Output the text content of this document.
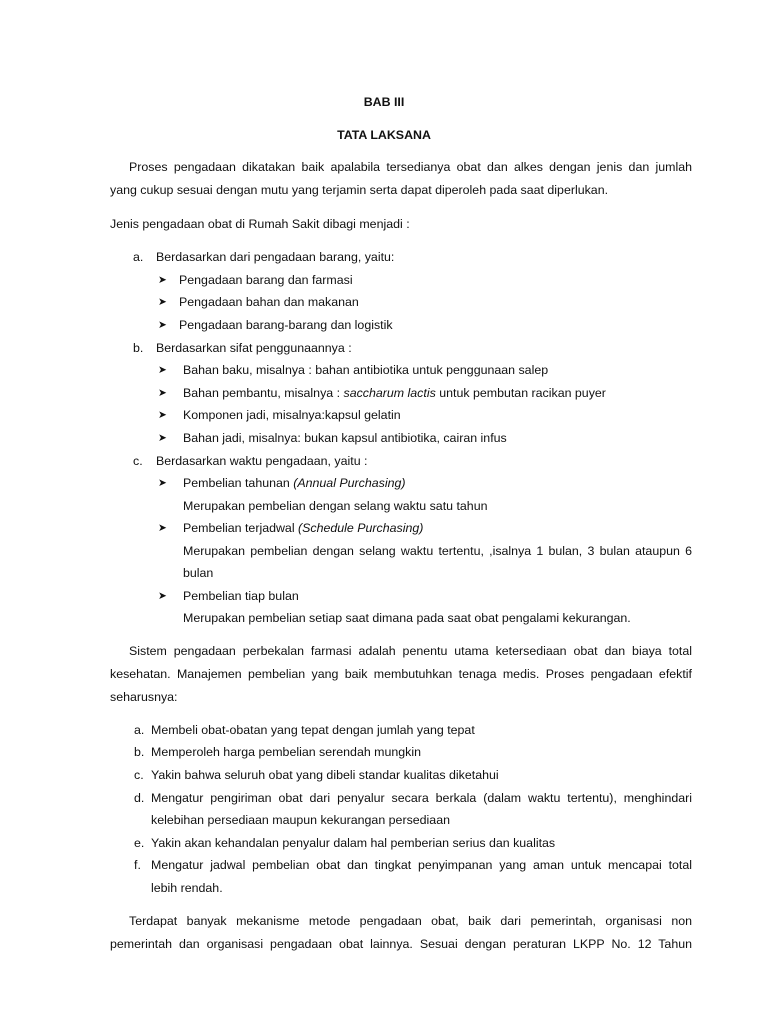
BAB III
TATA LAKSANA
Proses pengadaan dikatakan baik apalabila tersedianya obat dan alkes dengan jenis dan jumlah
yang cukup sesuai dengan mutu yang terjamin serta dapat diperoleh pada saat diperlukan.
Jenis pengadaan obat di Rumah Sakit dibagi menjadi :
a. Berdasarkan dari pengadaan barang, yaitu:
➤ Pengadaan barang dan farmasi
➤ Pengadaan bahan dan makanan
➤ Pengadaan barang-barang dan logistik
b. Berdasarkan sifat penggunaannya :
➤ Bahan baku, misalnya : bahan antibiotika untuk penggunaan salep
➤ Bahan pembantu, misalnya : saccharum lactis untuk pembutan racikan puyer
➤ Komponen jadi, misalnya:kapsul gelatin
➤ Bahan jadi, misalnya: bukan kapsul antibiotika, cairan infus
c. Berdasarkan waktu pengadaan, yaitu :
➤ Pembelian tahunan (Annual Purchasing)
Merupakan pembelian dengan selang waktu satu tahun
➤ Pembelian terjadwal (Schedule Purchasing)
Merupakan pembelian dengan selang waktu tertentu, ,isalnya 1 bulan, 3 bulan ataupun 6
bulan
➤ Pembelian tiap bulan
Merupakan pembelian setiap saat dimana pada saat obat pengalami kekurangan.
Sistem pengadaan perbekalan farmasi adalah penentu utama ketersediaan obat dan biaya total
kesehatan. Manajemen pembelian yang baik membutuhkan tenaga medis. Proses pengadaan efektif
seharusnya:
a. Membeli obat-obatan yang tepat dengan jumlah yang tepat
b. Memperoleh harga pembelian serendah mungkin
c. Yakin bahwa seluruh obat yang dibeli standar kualitas diketahui
d. Mengatur pengiriman obat dari penyalur secara berkala (dalam waktu tertentu), menghindari
kelebihan persediaan maupun kekurangan persediaan
e. Yakin akan kehandalan penyalur dalam hal pemberian serius dan kualitas
f. Mengatur jadwal pembelian obat dan tingkat penyimpanan yang aman untuk mencapai total
lebih rendah.
Terdapat banyak mekanisme metode pengadaan obat, baik dari pemerintah, organisasi non
pemerintah dan organisasi pengadaan obat lainnya. Sesuai dengan peraturan LKPP No. 12 Tahun
